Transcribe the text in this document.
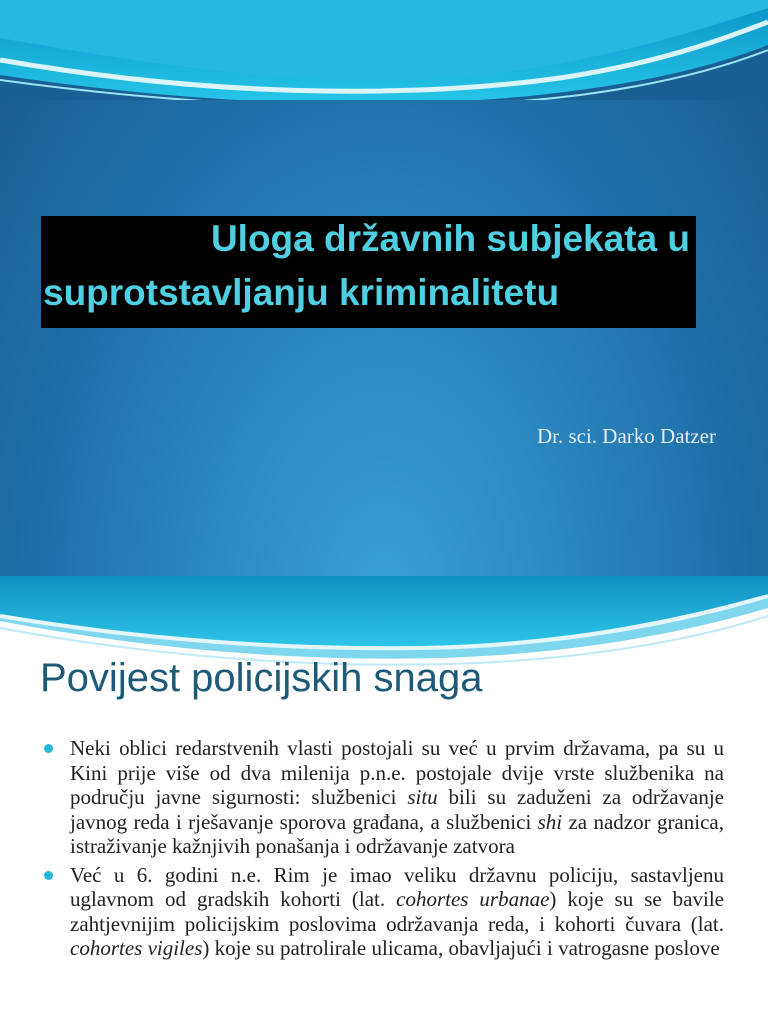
Uloga državnih subjekata u
suprotstavljanju kriminalitetu
Dr. sci. Darko Datzer
Povijest policijskih snaga
Neki oblici redarstvenih vlasti postojali su već u prvim državama, pa su u Kini prije više od dva milenija p.n.e. postojale dvije vrste službenika na području javne sigurnosti: službenici situ bili su zaduženi za održavanje javnog reda i rješavanje sporova građana, a službenici shi za nadzor granica, istraživanje kažnjivih ponašanja i održavanje zatvora
Već u 6. godini n.e. Rim je imao veliku državnu policiju, sastavljenu uglavnom od gradskih kohorti (lat. cohortes urbanae) koje su se bavile zahtjevnijim policijskim poslovima održavanja reda, i kohorti čuvara (lat. cohortes vigiles) koje su patrolirale ulicama, obavljajući i vatrogasne poslove
